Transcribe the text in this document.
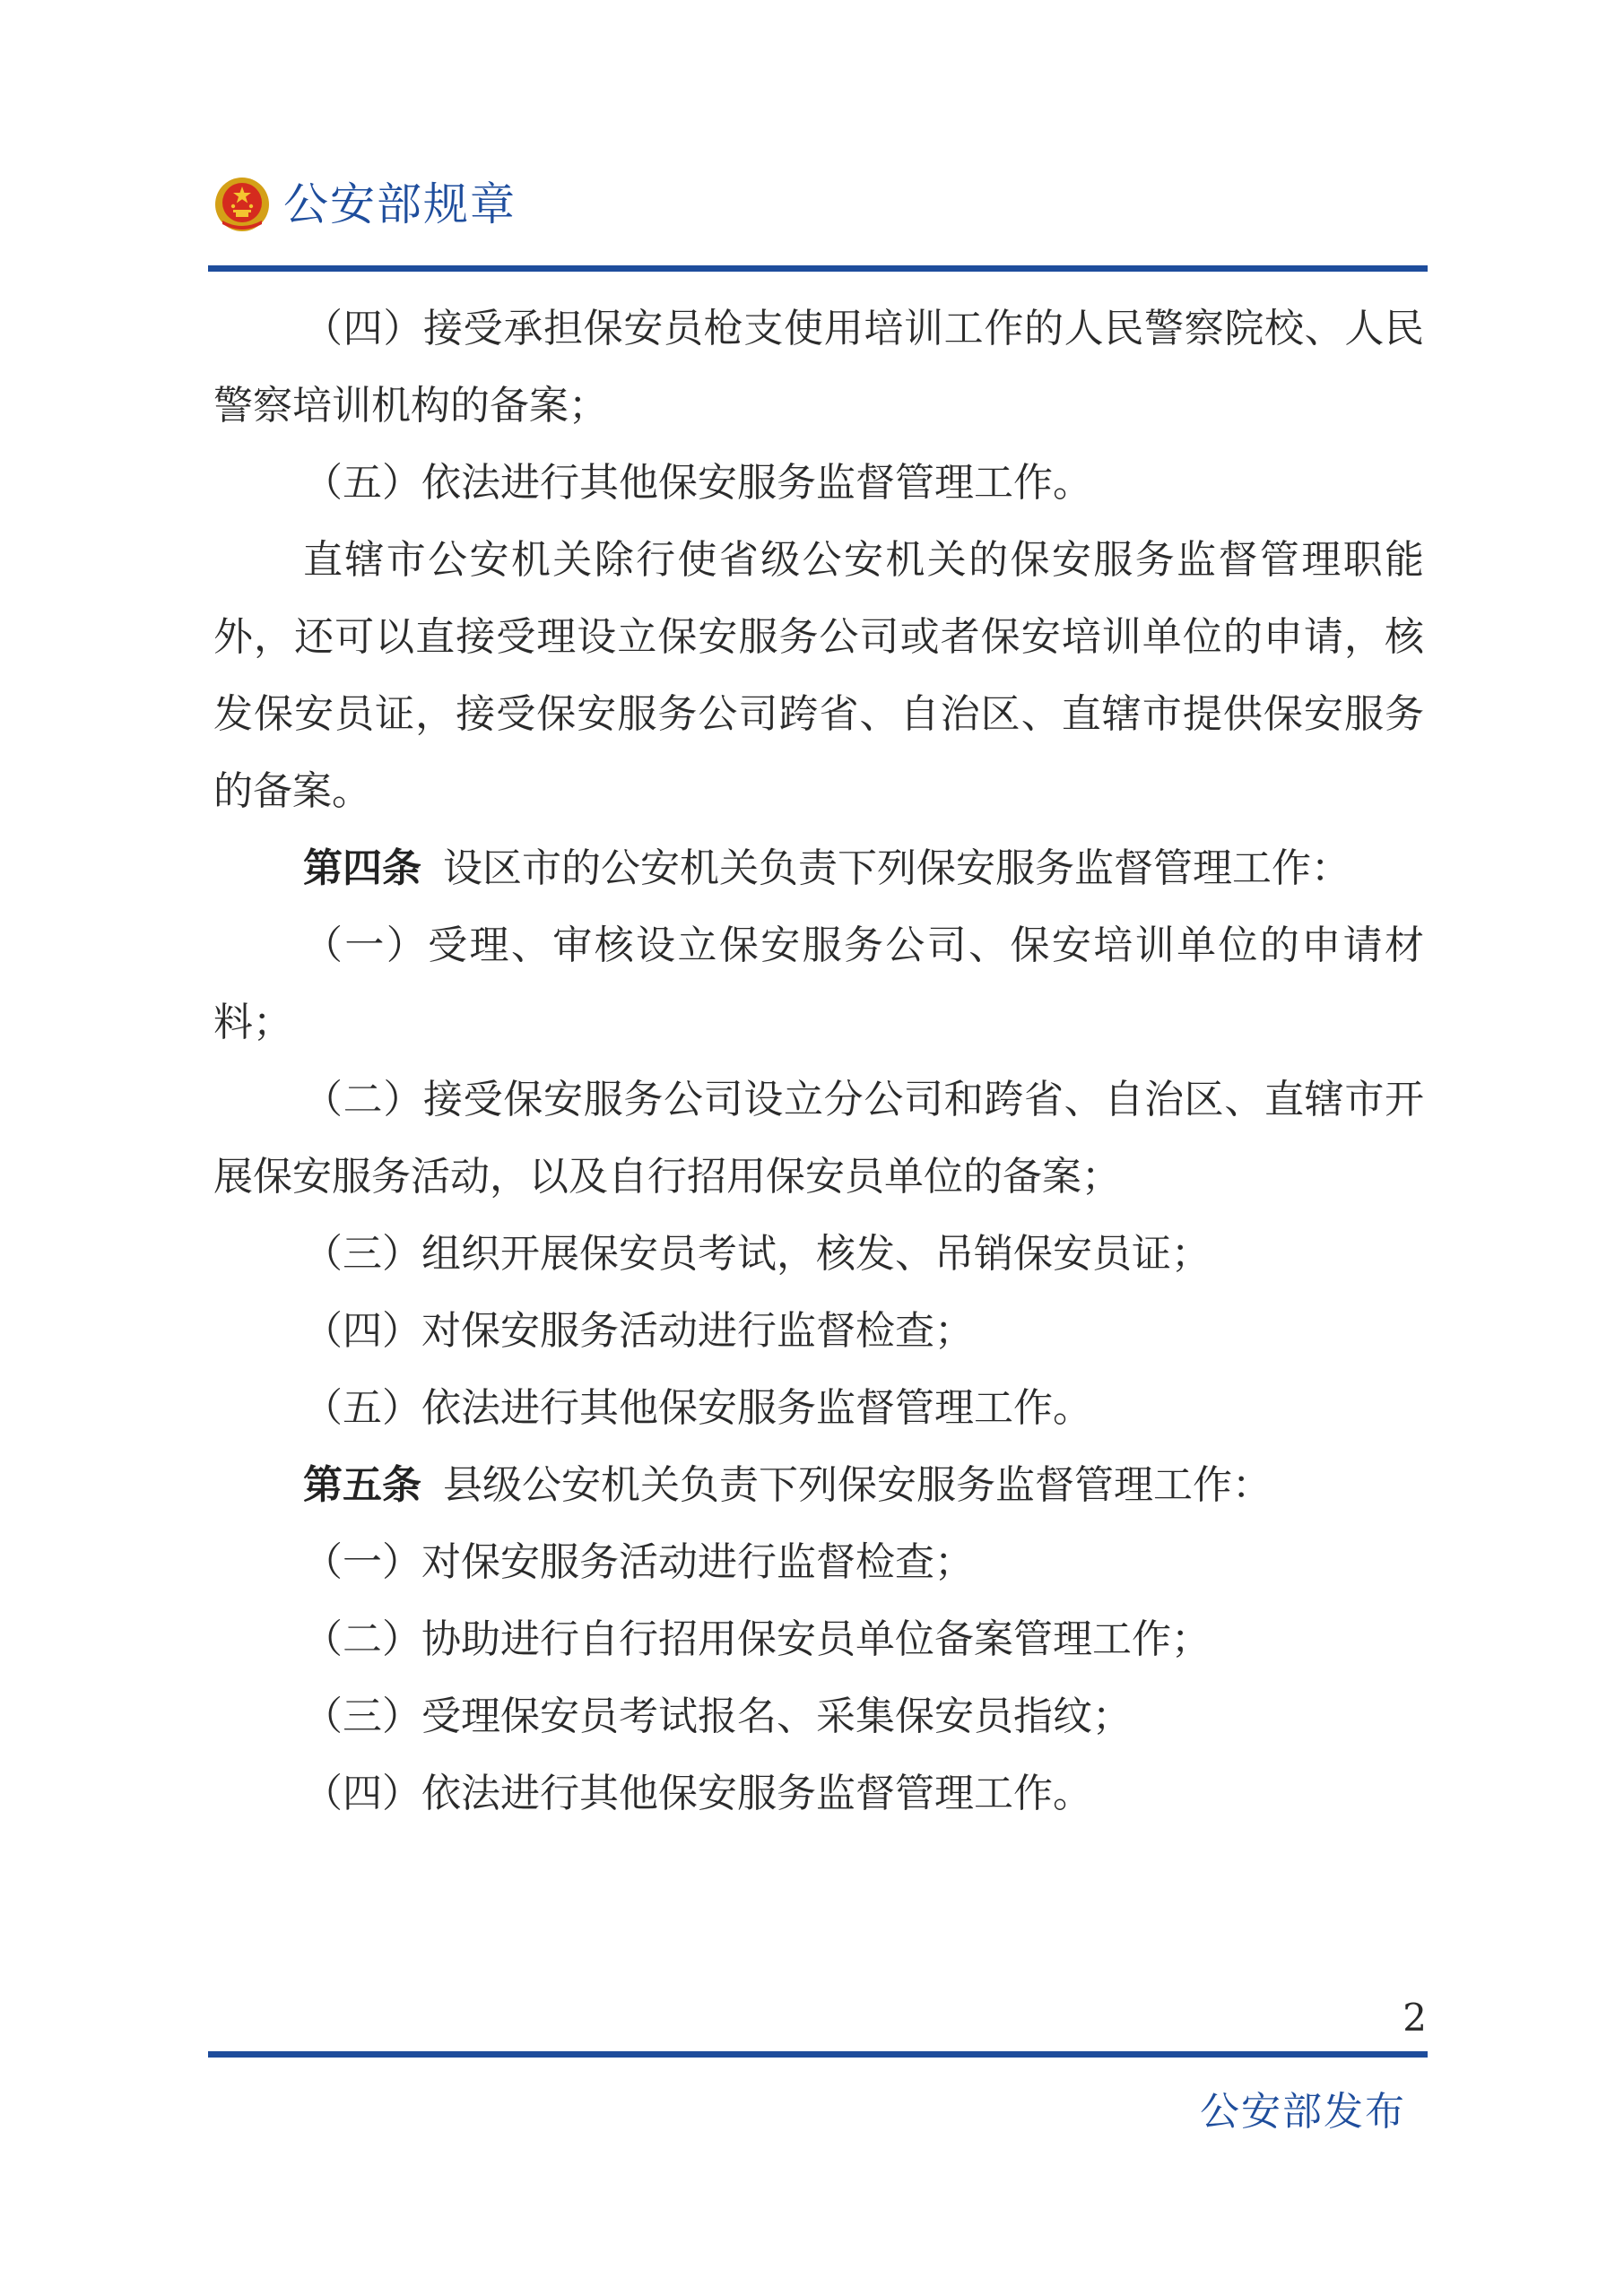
公安部规章

（四）接受承担保安员枪支使用培训工作的人民警察院校、人民警察培训机构的备案；

（五）依法进行其他保安服务监督管理工作。

直辖市公安机关除行使省级公安机关的保安服务监督管理职能外，还可以直接受理设立保安服务公司或者保安培训单位的申请，核发保安员证，接受保安服务公司跨省、自治区、直辖市提供保安服务的备案。

第四条 设区市的公安机关负责下列保安服务监督管理工作：

（一）受理、审核设立保安服务公司、保安培训单位的申请材料；

（二）接受保安服务公司设立分公司和跨省、自治区、直辖市开展保安服务活动，以及自行招用保安员单位的备案；

（三）组织开展保安员考试，核发、吊销保安员证；

（四）对保安服务活动进行监督检查；

（五）依法进行其他保安服务监督管理工作。

第五条 县级公安机关负责下列保安服务监督管理工作：

（一）对保安服务活动进行监督检查；

（二）协助进行自行招用保安员单位备案管理工作；

（三）受理保安员考试报名、采集保安员指纹；

（四）依法进行其他保安服务监督管理工作。

2
公安部发布
